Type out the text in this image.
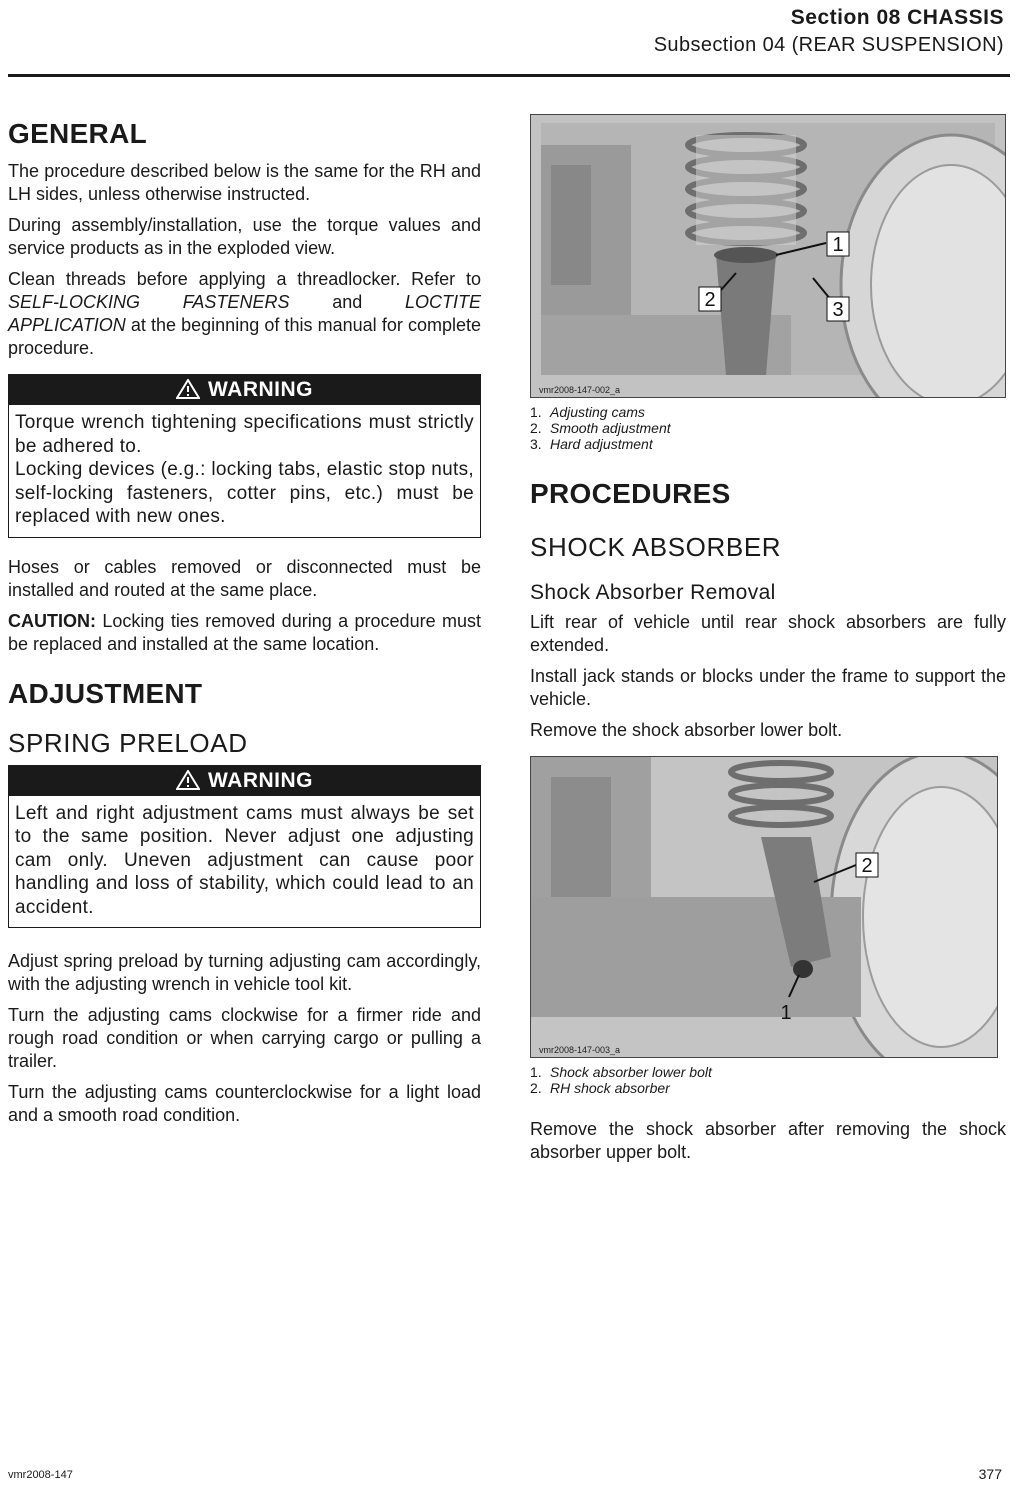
Section 08 CHASSIS
Subsection 04 (REAR SUSPENSION)
GENERAL

The procedure described below is the same for the RH and LH sides, unless otherwise instructed.

During assembly/installation, use the torque values and service products as in the exploded view.

Clean threads before applying a threadlocker. Refer to SELF-LOCKING FASTENERS and LOCTITE APPLICATION at the beginning of this manual for complete procedure.

WARNING
Torque wrench tightening specifications must strictly be adhered to.
Locking devices (e.g.: locking tabs, elastic stop nuts, self-locking fasteners, cotter pins, etc.) must be replaced with new ones.

Hoses or cables removed or disconnected must be installed and routed at the same place.

CAUTION: Locking ties removed during a procedure must be replaced and installed at the same location.

ADJUSTMENT
SPRING PRELOAD
WARNING
Left and right adjustment cams must always be set to the same position. Never adjust one adjusting cam only. Uneven adjustment can cause poor handling and loss of stability, which could lead to an accident.

Adjust spring preload by turning adjusting cam accordingly, with the adjusting wrench in vehicle tool kit.

Turn the adjusting cams clockwise for a firmer ride and rough road condition or when carrying cargo or pulling a trailer.

Turn the adjusting cams counterclockwise for a light load and a smooth road condition.

1
2	3
vmr2008-147-002_a
1. Adjusting cams
2. Smooth adjustment
3. Hard adjustment
PROCEDURES
SHOCK ABSORBER
Shock Absorber Removal

Lift rear of vehicle until rear shock absorbers are fully extended.

Install jack stands or blocks under the frame to support the vehicle.

Remove the shock absorber lower bolt.

2
1
vmr2008-147-003_a
1. Shock absorber lower bolt
2. RH shock absorber

Remove the shock absorber after removing the shock absorber upper bolt.

vmr2008-147	377
